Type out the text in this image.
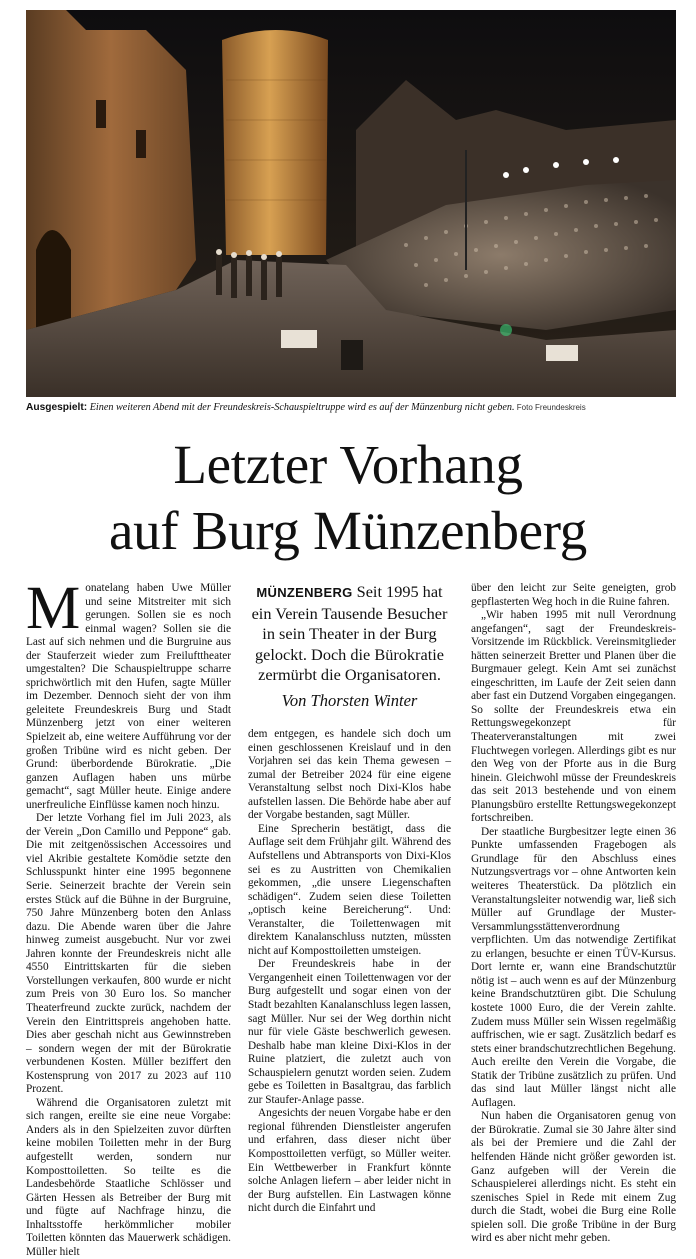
Ausgespielt: Einen weiteren Abend mit der Freundeskreis-Schauspieltruppe wird es auf der Münzenburg nicht geben. Foto Freundeskreis
Letzter Vorhang
auf Burg Münzenberg

Monatelang haben Uwe Müller und seine Mitstreiter mit sich gerungen. Sollen sie es noch einmal wagen? Sollen sie die Last auf sich nehmen und die Burgruine aus der Stauferzeit wieder zum Freilufttheater umgestalten? Die Schauspieltruppe scharre sprichwörtlich mit den Hufen, sagte Müller im Dezember. Dennoch sieht der von ihm geleitete Freundeskreis Burg und Stadt Münzenberg jetzt von einer weiteren Spielzeit ab, eine weitere Aufführung vor der großen Tribüne wird es nicht geben. Der Grund: überbordende Bürokratie. „Die ganzen Auflagen haben uns mürbe gemacht“, sagt Müller heute. Einige andere unerfreuliche Einflüsse kamen noch hinzu.

Der letzte Vorhang fiel im Juli 2023, als der Verein „Don Camillo und Peppone“ gab. Die mit zeitgenössischen Accessoires und viel Akribie gestaltete Komödie setzte den Schlusspunkt hinter eine 1995 begonnene Serie. Seinerzeit brachte der Verein sein erstes Stück auf die Bühne in der Burgruine, 750 Jahre Münzenberg boten den Anlass dazu. Die Abende waren über die Jahre hinweg zumeist ausgebucht. Nur vor zwei Jahren konnte der Freundeskreis nicht alle 4550 Eintrittskarten für die sieben Vorstellungen verkaufen, 800 wurde er nicht zum Preis von 30 Euro los. So mancher Theaterfreund zuckte zurück, nachdem der Verein den Eintrittspreis angehoben hatte. Dies aber geschah nicht aus Gewinnstreben – sondern wegen der mit der Bürokratie verbundenen Kosten. Müller beziffert den Kostensprung von 2017 zu 2023 auf 110 Prozent.

Während die Organisatoren zuletzt mit sich rangen, ereilte sie eine neue Vorgabe: Anders als in den Spielzeiten zuvor dürften keine mobilen Toiletten mehr in der Burg aufgestellt werden, sondern nur Komposttoiletten. So teilte es die Landesbehörde Staatliche Schlösser und Gärten Hessen als Betreiber der Burg mit und fügte auf Nachfrage hinzu, die Inhaltsstoffe herkömmlicher mobiler Toiletten könnten das Mauerwerk schädigen. Müller hielt

MÜNZENBERG Seit 1995 hat ein Verein Tausende Besucher in sein Theater in der Burg gelockt. Doch die Bürokratie zermürbt die Organisatoren.
Von Thorsten Winter

dem entgegen, es handele sich doch um einen geschlossenen Kreislauf und in den Vorjahren sei das kein Thema gewesen – zumal der Betreiber 2024 für eine eigene Veranstaltung selbst noch Dixi-Klos habe aufstellen lassen. Die Behörde habe aber auf der Vorgabe bestanden, sagt Müller.

Eine Sprecherin bestätigt, dass die Auflage seit dem Frühjahr gilt. Während des Aufstellens und Abtransports von Dixi-Klos sei es zu Austritten von Chemikalien gekommen, „die unsere Liegenschaften schädigen“. Zudem seien diese Toiletten „optisch keine Bereicherung“. Und: Veranstalter, die Toilettenwagen mit direktem Kanalanschluss nutzten, müssten nicht auf Komposttoiletten umsteigen.

Der Freundeskreis habe in der Vergangenheit einen Toilettenwagen vor der Burg aufgestellt und sogar einen von der Stadt bezahlten Kanalanschluss legen lassen, sagt Müller. Nur sei der Weg dorthin nicht nur für viele Gäste beschwerlich gewesen. Deshalb habe man kleine Dixi-Klos in der Ruine platziert, die zuletzt auch von Schauspielern genutzt worden seien. Zudem gebe es Toiletten in Basaltgrau, das farblich zur Staufer-Anlage passe.

Angesichts der neuen Vorgabe habe er den regional führenden Dienstleister angerufen und erfahren, dass dieser nicht über Komposttoiletten verfügt, so Müller weiter. Ein Wettbewerber in Frankfurt könnte solche Anlagen liefern – aber leider nicht in der Burg aufstellen. Ein Lastwagen könne nicht durch die Einfahrt und

über den leicht zur Seite geneigten, grob gepflasterten Weg hoch in die Ruine fahren.

„Wir haben 1995 mit null Verordnung angefangen“, sagt der Freundeskreis-Vorsitzende im Rückblick. Vereinsmitglieder hätten seinerzeit Bretter und Planen über die Burgmauer gelegt. Kein Amt sei zunächst eingeschritten, im Laufe der Zeit seien dann aber fast ein Dutzend Vorgaben eingegangen. So sollte der Freundeskreis etwa ein Rettungswegekonzept für Theaterveranstaltungen mit zwei Fluchtwegen vorlegen. Allerdings gibt es nur den Weg von der Pforte aus in die Burg hinein. Gleichwohl müsse der Freundeskreis das seit 2013 bestehende und von einem Planungsbüro erstellte Rettungswegekonzept fortschreiben.

Der staatliche Burgbesitzer legte einen 36 Punkte umfassenden Fragebogen als Grundlage für den Abschluss eines Nutzungsvertrags vor – ohne Antworten kein weiteres Theaterstück. Da plötzlich ein Veranstaltungsleiter notwendig war, ließ sich Müller auf Grundlage der Muster-Versammlungsstättenverordnung verpflichten. Um das notwendige Zertifikat zu erlangen, besuchte er einen TÜV-Kursus. Dort lernte er, wann eine Brandschutztür nötig ist – auch wenn es auf der Münzenburg keine Brandschutztüren gibt. Die Schulung kostete 1000 Euro, die der Verein zahlte. Zudem muss Müller sein Wissen regelmäßig auffrischen, wie er sagt. Zusätzlich bedarf es stets einer brandschutzrechtlichen Begehung. Auch ereilte den Verein die Vorgabe, die Statik der Tribüne zusätzlich zu prüfen. Und das sind laut Müller längst nicht alle Auflagen.

Nun haben die Organisatoren genug von der Bürokratie. Zumal sie 30 Jahre älter sind als bei der Premiere und die Zahl der helfenden Hände nicht größer geworden ist. Ganz aufgeben will der Verein die Schauspielerei allerdings nicht. Es steht ein szenisches Spiel in Rede mit einem Zug durch die Stadt, wobei die Burg eine Rolle spielen soll. Die große Tribüne in der Burg wird es aber nicht mehr geben.
